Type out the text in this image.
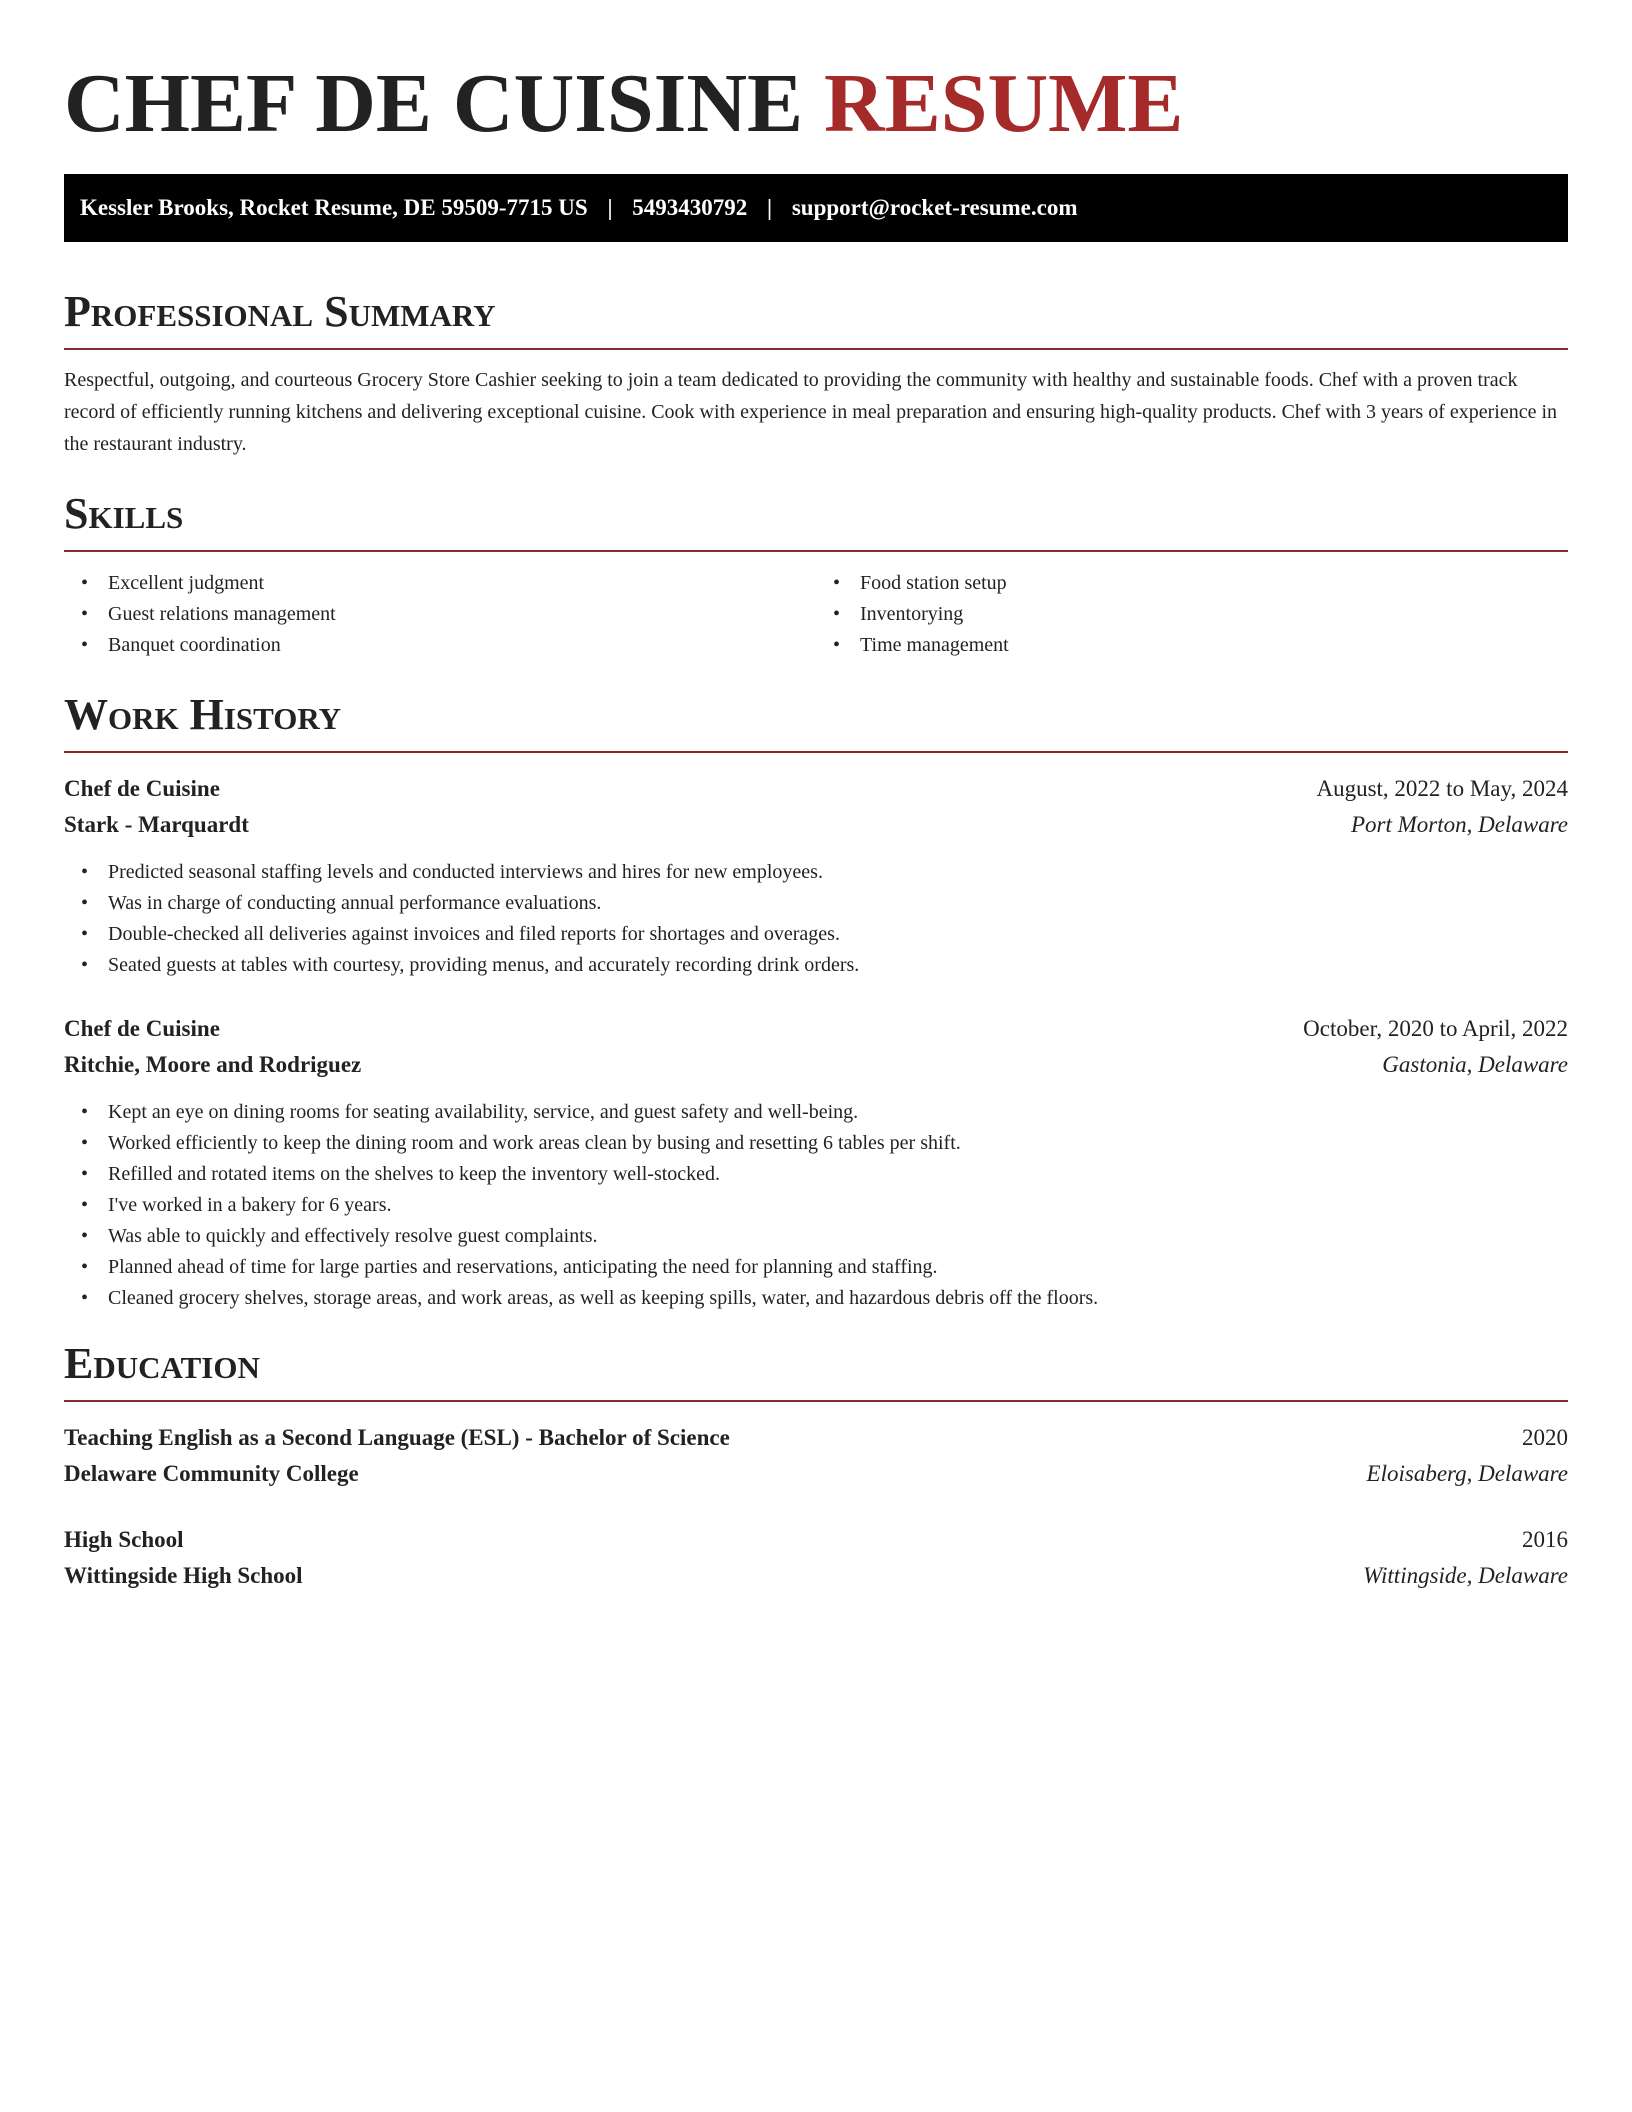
CHEF DE CUISINE RESUME
Kessler Brooks, Rocket Resume, DE 59509-7715 US | 5493430792 | support@rocket-resume.com
Professional Summary

Respectful, outgoing, and courteous Grocery Store Cashier seeking to join a team dedicated to providing the community with healthy and sustainable foods. Chef with a proven track record of efficiently running kitchens and delivering exceptional cuisine. Cook with experience in meal preparation and ensuring high-quality products. Chef with 3 years of experience in the restaurant industry.

Skills
• Excellent judgment
• Guest relations management
• Banquet coordination
• Food station setup
• Inventorying
• Time management
Work History
Chef de Cuisine	August, 2022 to May, 2024
Stark - Marquardt	Port Morton, Delaware
• Predicted seasonal staffing levels and conducted interviews and hires for new employees.
• Was in charge of conducting annual performance evaluations.
• Double-checked all deliveries against invoices and filed reports for shortages and overages.
• Seated guests at tables with courtesy, providing menus, and accurately recording drink orders.
Chef de Cuisine	October, 2020 to April, 2022
Ritchie, Moore and Rodriguez	Gastonia, Delaware
• Kept an eye on dining rooms for seating availability, service, and guest safety and well-being.
• Worked efficiently to keep the dining room and work areas clean by busing and resetting 6 tables per shift.
• Refilled and rotated items on the shelves to keep the inventory well-stocked.
• I've worked in a bakery for 6 years.
• Was able to quickly and effectively resolve guest complaints.
• Planned ahead of time for large parties and reservations, anticipating the need for planning and staffing.
• Cleaned grocery shelves, storage areas, and work areas, as well as keeping spills, water, and hazardous debris off the floors.
Education
Teaching English as a Second Language (ESL) - Bachelor of Science	2020
Delaware Community College	Eloisaberg, Delaware
High School	2016
Wittingside High School	Wittingside, Delaware
